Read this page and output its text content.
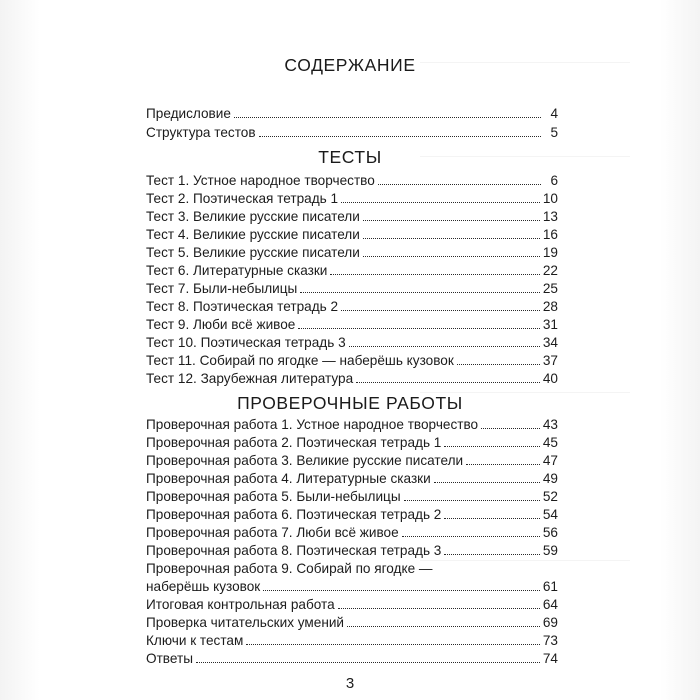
СОДЕРЖАНИЕ
Предисловие	4
Структура тестов	5
ТЕСТЫ
Тест 1. Устное народное творчество	6
Тест 2. Поэтическая тетрадь 1	10
Тест 3. Великие русские писатели	13
Тест 4. Великие русские писатели	16
Тест 5. Великие русские писатели	19
Тест 6. Литературные сказки	22
Тест 7. Были-небылицы	25
Тест 8. Поэтическая тетрадь 2	28
Тест 9. Люби всё живое	31
Тест 10. Поэтическая тетрадь 3	34
Тест 11. Собирай по ягодке — наберёшь кузовок	37
Тест 12. Зарубежная литература	40
ПРОВЕРОЧНЫЕ РАБОТЫ
Проверочная работа 1. Устное народное творчество	43
Проверочная работа 2. Поэтическая тетрадь 1	45
Проверочная работа 3. Великие русские писатели	47
Проверочная работа 4. Литературные сказки	49
Проверочная работа 5. Были-небылицы	52
Проверочная работа 6. Поэтическая тетрадь 2	54
Проверочная работа 7. Люби всё живое	56
Проверочная работа 8. Поэтическая тетрадь 3	59
Проверочная работа 9. Собирай по ягодке —
наберёшь кузовок	61
Итоговая контрольная работа	64
Проверка читательских умений	69
Ключи к тестам	73
Ответы	74
3
